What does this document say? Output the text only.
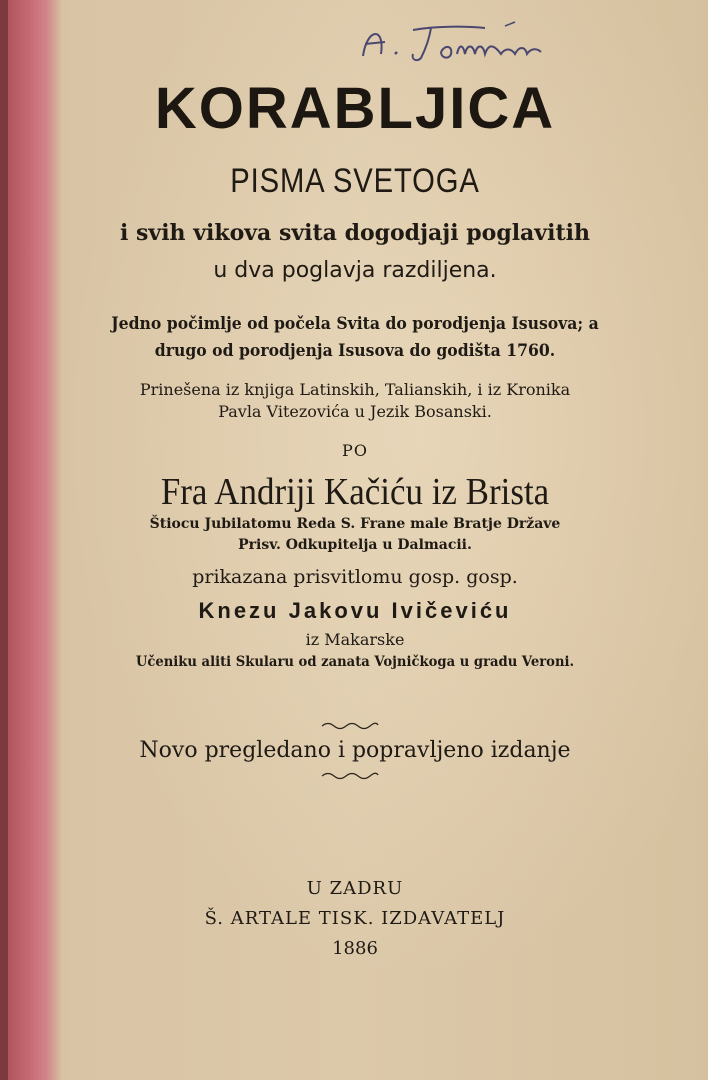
KORABLJICA
PISMA SVETOGA
i svih vikova svita dogodjaji poglavitih
u dva poglavja razdiljena.
Jedno počimlje od počela Svita do porodjenja Isusova; a
drugo od porodjenja Isusova do godišta 1760.
Prinešena iz knjiga Latinskih, Talianskih, i iz Kronika
Pavla Vitezovića u Jezik Bosanski.
PO
Fra Andriji Kačiću iz Brista
Štiocu Jubilatomu Reda S. Frane male Bratje Države
Prisv. Odkupitelja u Dalmacii.
prikazana prisvitlomu gosp. gosp.
Knezu Jakovu Ivičeviću
iz Makarske
Učeniku aliti Skularu od zanata Vojničkoga u gradu Veroni.
Novo pregledano i popravljeno izdanje
U ZADRU
Š. ARTALE TISK. IZDAVATELJ
1886
